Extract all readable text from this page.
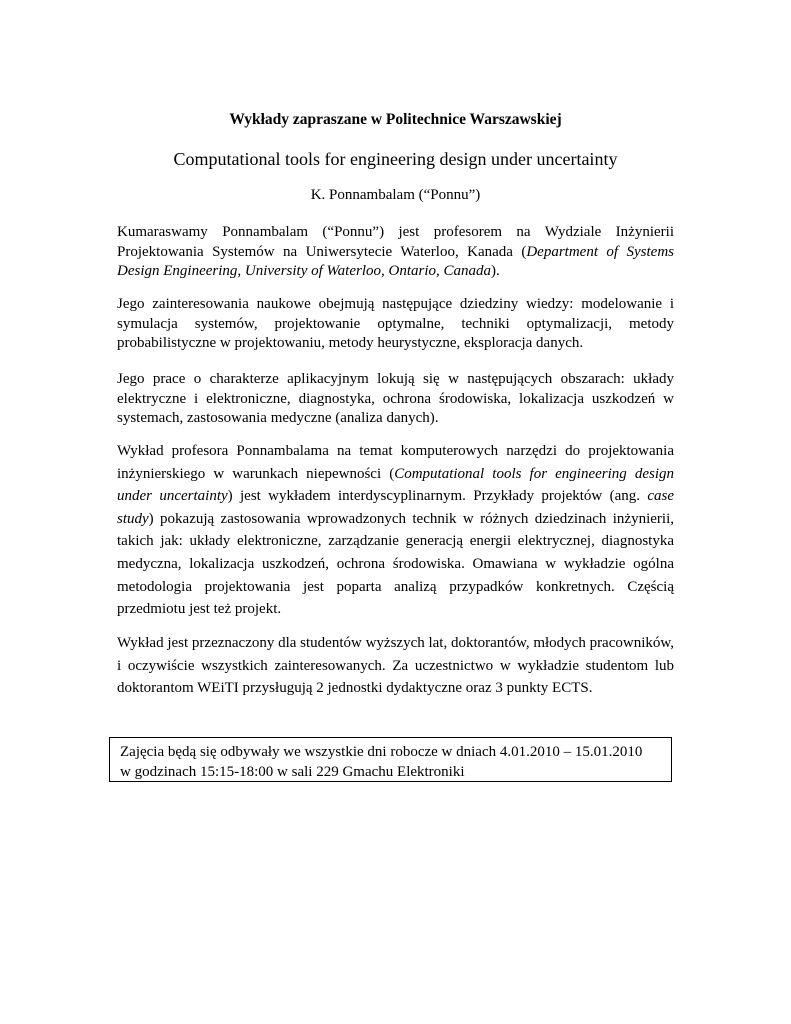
Wykłady zapraszane w Politechnice Warszawskiej
Computational tools for engineering design under uncertainty
K. Ponnambalam (“Ponnu”)

Kumaraswamy Ponnambalam (“Ponnu”) jest profesorem na Wydziale Inżynierii Projektowania Systemów na Uniwersytecie Waterloo, Kanada (Department of Systems Design Engineering, University of Waterloo, Ontario, Canada).

Jego zainteresowania naukowe obejmują następujące dziedziny wiedzy: modelowanie i symulacja systemów, projektowanie optymalne, techniki optymalizacji, metody probabilistyczne w projektowaniu, metody heurystyczne, eksploracja danych.

Jego prace o charakterze aplikacyjnym lokują się w następujących obszarach: układy elektryczne i elektroniczne, diagnostyka, ochrona środowiska, lokalizacja uszkodzeń w systemach, zastosowania medyczne (analiza danych).

Wykład profesora Ponnambalama na temat komputerowych narzędzi do projektowania inżynierskiego w warunkach niepewności (Computational tools for engineering design under uncertainty) jest wykładem interdyscyplinarnym. Przykłady projektów (ang. case study) pokazują zastosowania wprowadzonych technik w różnych dziedzinach inżynierii, takich jak: układy elektroniczne, zarządzanie generacją energii elektrycznej, diagnostyka medyczna, lokalizacja uszkodzeń, ochrona środowiska. Omawiana w wykładzie ogólna metodologia projektowania jest poparta analizą przypadków konkretnych. Częścią przedmiotu jest też projekt.

Wykład jest przeznaczony dla studentów wyższych lat, doktorantów, młodych pracowników, i oczywiście wszystkich zainteresowanych. Za uczestnictwo w wykładzie studentom lub doktorantom WEiTI przysługują 2 jednostki dydaktyczne oraz 3 punkty ECTS.

Zajęcia będą się odbywały we wszystkie dni robocze w dniach 4.01.2010 – 15.01.2010
w godzinach 15:15-18:00 w sali 229 Gmachu Elektroniki
